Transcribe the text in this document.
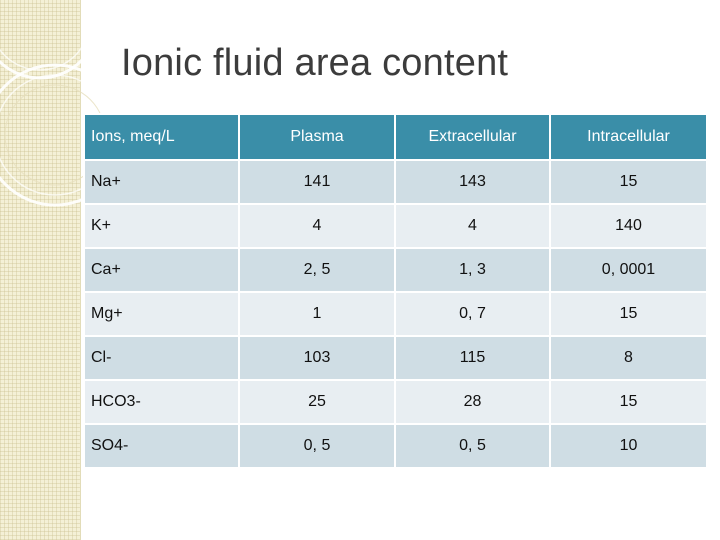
Ionic fluid area content
Ions, meq/L	Plasma	Extracellular	Intracellular
Na+	141	143	15
K+	4	4	140
Ca+	2, 5	1, 3	0, 0001
Mg+	1	0, 7	15
Cl-	103	115	8
HCO3-	25	28	15
SO4-	0, 5	0, 5	10
